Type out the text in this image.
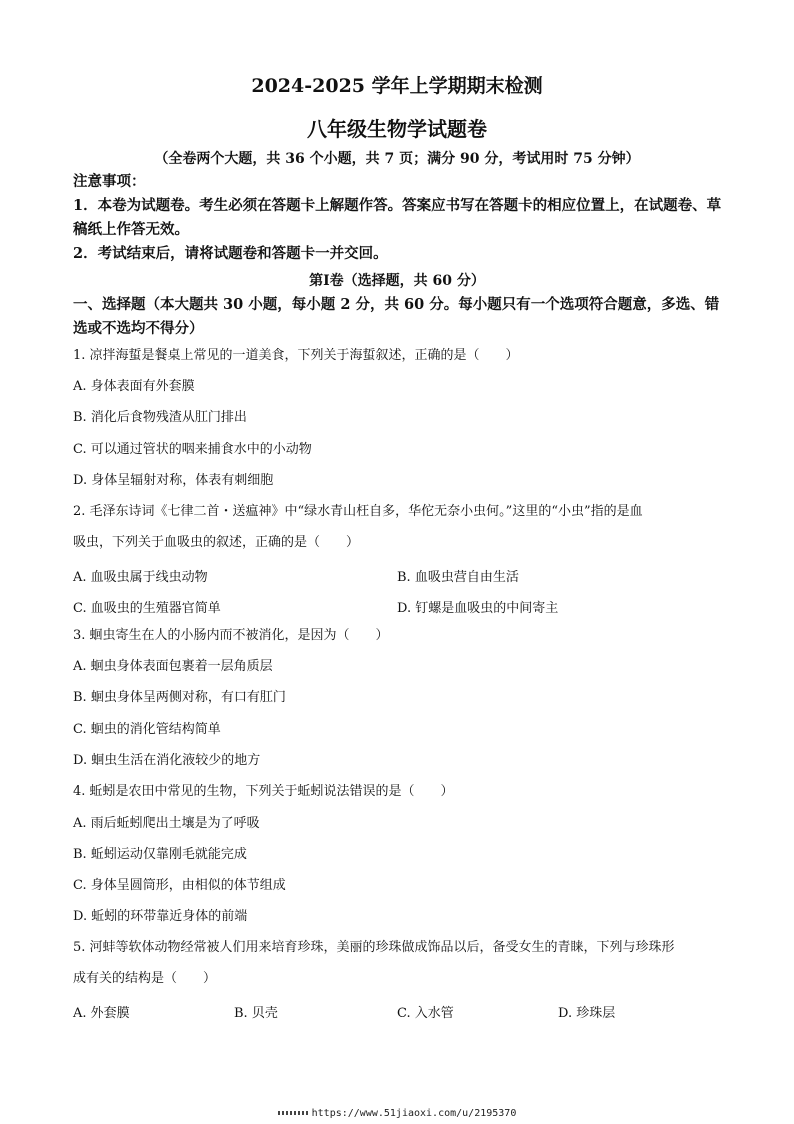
2024-2025 学年上学期期末检测
八年级生物学试题卷
（全卷两个大题，共 36 个小题，共 7 页；满分 90 分，考试用时 75 分钟）
注意事项：
1．本卷为试题卷。考生必须在答题卡上解题作答。答案应书写在答题卡的相应位置上，在试题卷、草稿纸上作答无效。
2．考试结束后，请将试题卷和答题卡一并交回。
第Ⅰ卷（选择题，共 60 分）
一、选择题（本大题共 30 小题，每小题 2 分，共 60 分。每小题只有一个选项符合题意，多选、错选或不选均不得分）
1. 凉拌海蜇是餐桌上常见的一道美食，下列关于海蜇叙述，正确的是（　　）
A. 身体表面有外套膜
B. 消化后食物残渣从肛门排出
C. 可以通过管状的咽来捕食水中的小动物
D. 身体呈辐射对称，体表有刺细胞
2. 毛泽东诗词《七律二首・送瘟神》中“绿水青山枉自多，华佗无奈小虫何。”这里的“小虫”指的是血
吸虫，下列关于血吸虫的叙述，正确的是（　　）
A. 血吸虫属于线虫动物	B. 血吸虫营自由生活
C. 血吸虫的生殖器官简单	D. 钉螺是血吸虫的中间寄主
3. 蛔虫寄生在人的小肠内而不被消化，是因为（　　）
A. 蛔虫身体表面包裹着一层角质层
B. 蛔虫身体呈两侧对称，有口有肛门
C. 蛔虫的消化管结构简单
D. 蛔虫生活在消化液较少的地方
4. 蚯蚓是农田中常见的生物，下列关于蚯蚓说法错误的是（　　）
A. 雨后蚯蚓爬出土壤是为了呼吸
B. 蚯蚓运动仅靠刚毛就能完成
C. 身体呈圆筒形，由相似的体节组成
D. 蚯蚓的环带靠近身体的前端
5. 河蚌等软体动物经常被人们用来培育珍珠，美丽的珍珠做成饰品以后，备受女生的青睐，下列与珍珠形
成有关的结构是（　　）
A. 外套膜	B. 贝壳	C. 入水管	D. 珍珠层
https://www.51jiaoxi.com/u/2195370
